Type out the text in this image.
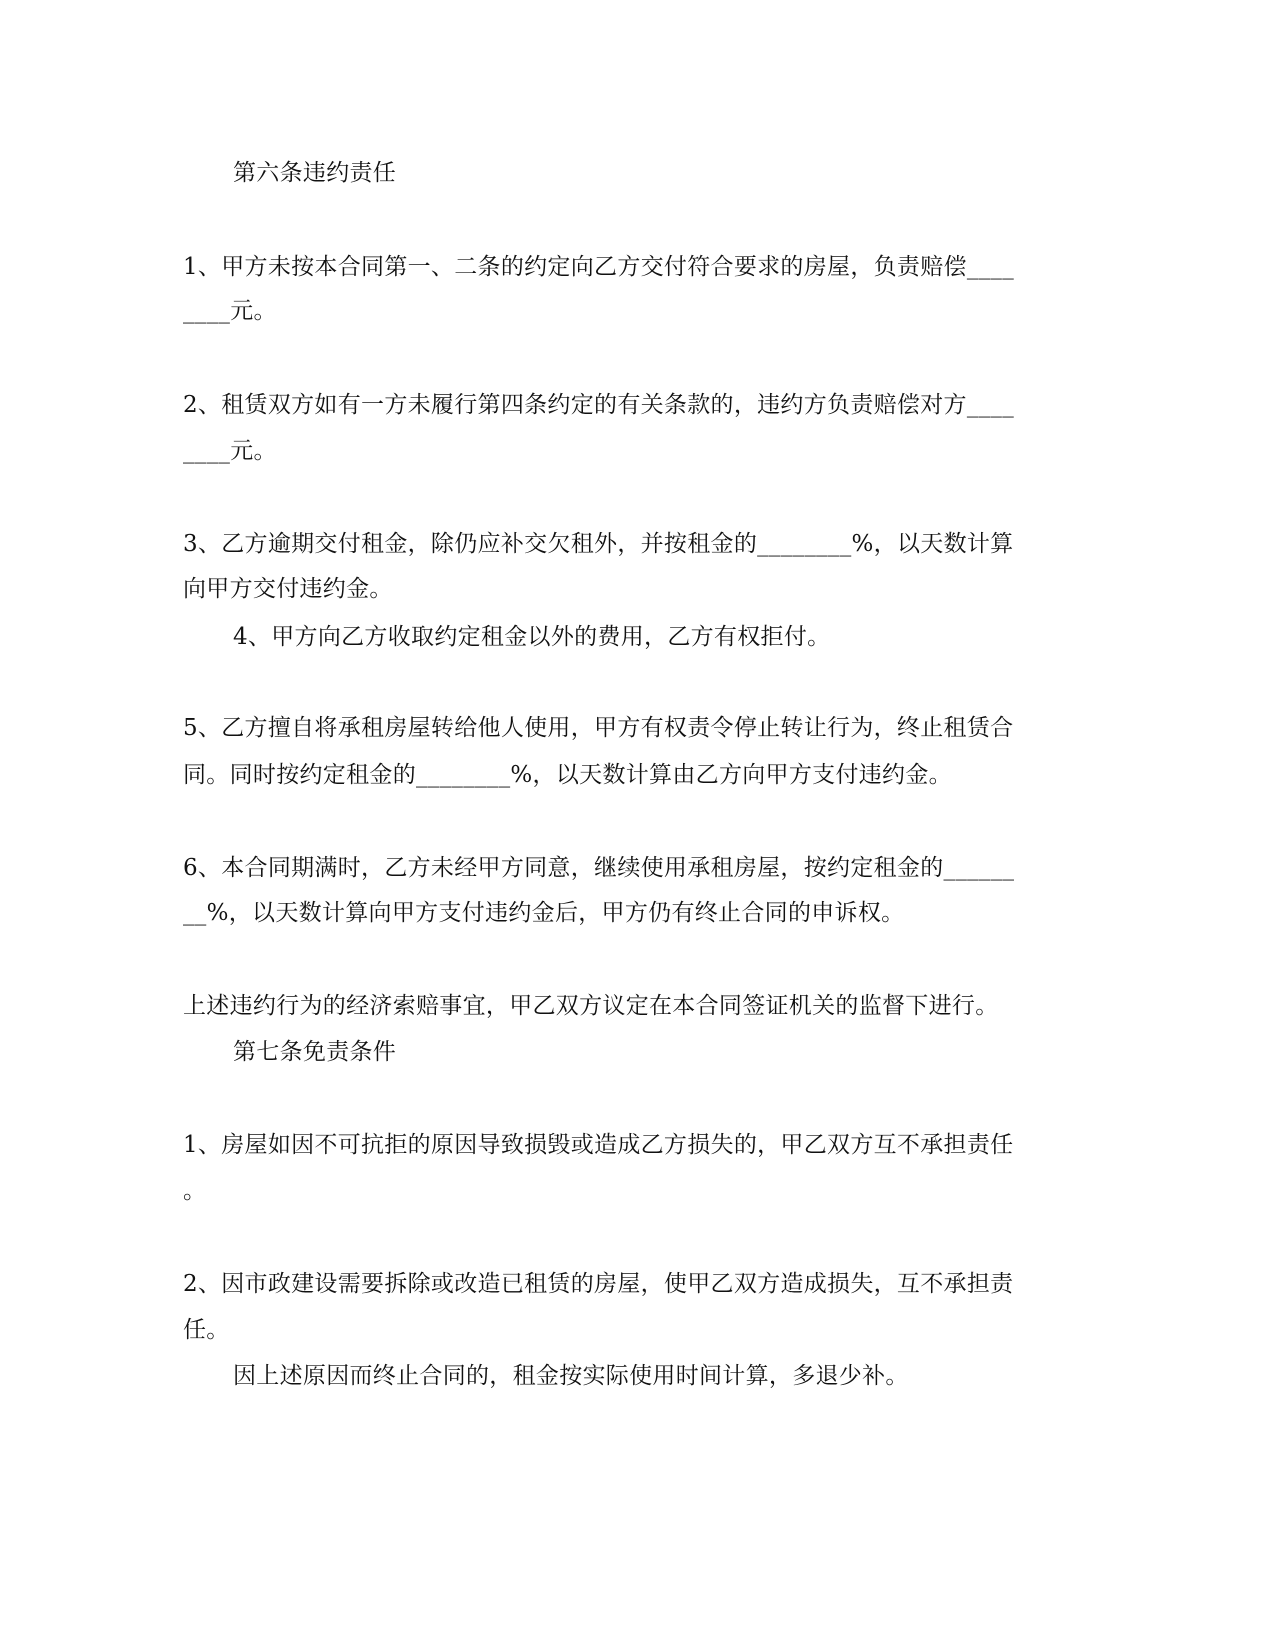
第六条违约责任
1、甲方未按本合同第一、二条的约定向乙方交付符合要求的房屋，负责赔偿____
____元。
2、租赁双方如有一方未履行第四条约定的有关条款的，违约方负责赔偿对方____
____元。
3、乙方逾期交付租金，除仍应补交欠租外，并按租金的________%，以天数计算
向甲方交付违约金。
4、甲方向乙方收取约定租金以外的费用，乙方有权拒付。
5、乙方擅自将承租房屋转给他人使用，甲方有权责令停止转让行为，终止租赁合
同。同时按约定租金的________%，以天数计算由乙方向甲方支付违约金。
6、本合同期满时，乙方未经甲方同意，继续使用承租房屋，按约定租金的______
__%，以天数计算向甲方支付违约金后，甲方仍有终止合同的申诉权。
上述违约行为的经济索赔事宜，甲乙双方议定在本合同签证机关的监督下进行。
第七条免责条件
1、房屋如因不可抗拒的原因导致损毁或造成乙方损失的，甲乙双方互不承担责任
。
2、因市政建设需要拆除或改造已租赁的房屋，使甲乙双方造成损失，互不承担责
任。
因上述原因而终止合同的，租金按实际使用时间计算，多退少补。
